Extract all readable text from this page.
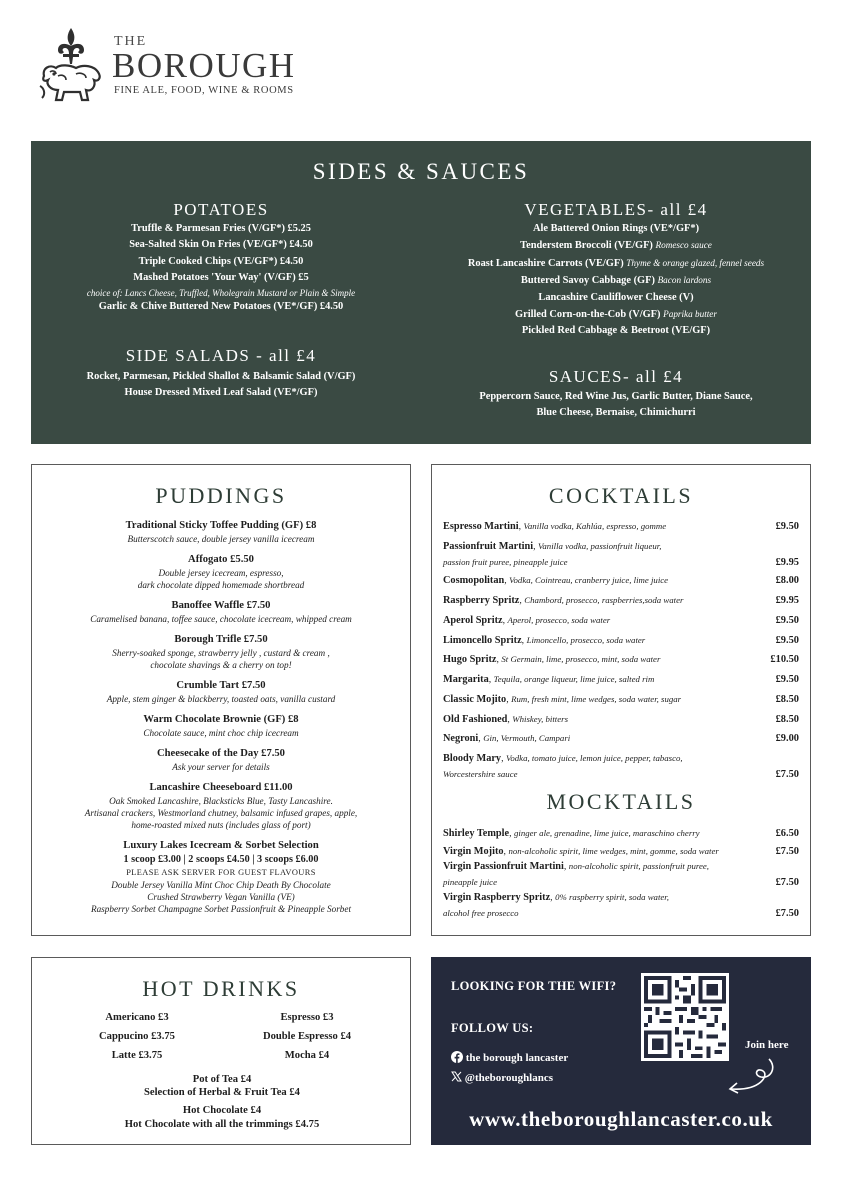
THE
BOROUGH
FINE ALE, FOOD, WINE & ROOMS
SIDES & SAUCES
POTATOES
Truffle & Parmesan Fries (V/GF*) £5.25
Sea-Salted Skin On Fries (VE/GF*) £4.50
Triple Cooked Chips (VE/GF*) £4.50
Mashed Potatoes 'Your Way' (V/GF) £5
choice of: Lancs Cheese, Truffled, Wholegrain Mustard or Plain & Simple
Garlic & Chive Buttered New Potatoes (VE*/GF) £4.50
SIDE SALADS - all £4
Rocket, Parmesan, Pickled Shallot & Balsamic Salad (V/GF)
House Dressed Mixed Leaf Salad (VE*/GF)
VEGETABLES- all £4
Ale Battered Onion Rings (VE*/GF*)
Tenderstem Broccoli (VE/GF) Romesco sauce
Roast Lancashire Carrots (VE/GF) Thyme & orange glazed, fennel seeds
Buttered Savoy Cabbage (GF) Bacon lardons
Lancashire Cauliflower Cheese (V)
Grilled Corn-on-the-Cob (V/GF) Paprika butter
Pickled Red Cabbage & Beetroot (VE/GF)
SAUCES- all £4
Peppercorn Sauce, Red Wine Jus, Garlic Butter, Diane Sauce,
Blue Cheese, Bernaise, Chimichurri
PUDDINGS
Traditional Sticky Toffee Pudding (GF) £8
Butterscotch sauce, double jersey vanilla icecream
Affogato £5.50
Double jersey icecream, espresso,
dark chocolate dipped homemade shortbread
Banoffee Waffle £7.50
Caramelised banana, toffee sauce, chocolate icecream, whipped cream
Borough Trifle £7.50
Sherry-soaked sponge, strawberry jelly , custard & cream ,
chocolate shavings & a cherry on top!
Crumble Tart £7.50
Apple, stem ginger & blackberry, toasted oats, vanilla custard
Warm Chocolate Brownie (GF) £8
Chocolate sauce, mint choc chip icecream
Cheesecake of the Day £7.50
Ask your server for details
Lancashire Cheeseboard £11.00
Oak Smoked Lancashire, Blacksticks Blue, Tasty Lancashire.
Artisanal crackers, Westmorland chutney, balsamic infused grapes, apple,
home-roasted mixed nuts (includes glass of port)
Luxury Lakes Icecream & Sorbet Selection
1 scoop £3.00 | 2 scoops £4.50 | 3 scoops £6.00
PLEASE ASK SERVER FOR GUEST FLAVOURS
Double Jersey Vanilla Mint Choc Chip Death By Chocolate
Crushed Strawberry Vegan Vanilla (VE)
Raspberry Sorbet Champagne Sorbet Passionfruit & Pineapple Sorbet
COCKTAILS
Espresso Martini, Vanilla vodka, Kahlúa, espresso, gomme	£9.50
Passionfruit Martini, Vanilla vodka, passionfruit liqueur,
passion fruit puree, pineapple juice	£9.95
Cosmopolitan, Vodka, Cointreau, cranberry juice, lime juice	£8.00
Raspberry Spritz, Chambord, prosecco, raspberries,soda water	£9.95
Aperol Spritz, Aperol, prosecco, soda water	£9.50
Limoncello Spritz, Limoncello, prosecco, soda water	£9.50
Hugo Spritz, St Germain, lime, prosecco, mint, soda water	£10.50
Margarita, Tequila, orange liqueur, lime juice, salted rim	£9.50
Classic Mojito, Rum, fresh mint, lime wedges, soda water, sugar	£8.50
Old Fashioned, Whiskey, bitters	£8.50
Negroni, Gin, Vermouth, Campari	£9.00
Bloody Mary, Vodka, tomato juice, lemon juice, pepper, tabasco,
Worcestershire sauce	£7.50
MOCKTAILS
Shirley Temple, ginger ale, grenadine, lime juice, maraschino cherry	£6.50
Virgin Mojito, non-alcoholic spirit, lime wedges, mint, gomme, soda water	£7.50
Virgin Passionfruit Martini, non-alcoholic spirit, passionfruit puree,
pineapple juice	£7.50
Virgin Raspberry Spritz, 0% raspberry spirit, soda water,
alcohol free prosecco	£7.50
HOT DRINKS
Americano £3
Cappucino £3.75
Latte £3.75
Espresso £3
Double Espresso £4
Mocha £4
Pot of Tea £4
Selection of Herbal & Fruit Tea £4
Hot Chocolate £4
Hot Chocolate with all the trimmings £4.75
LOOKING FOR THE WIFI?
FOLLOW US:
the borough lancaster
@theboroughlancs
Join here
www.theboroughlancaster.co.uk
